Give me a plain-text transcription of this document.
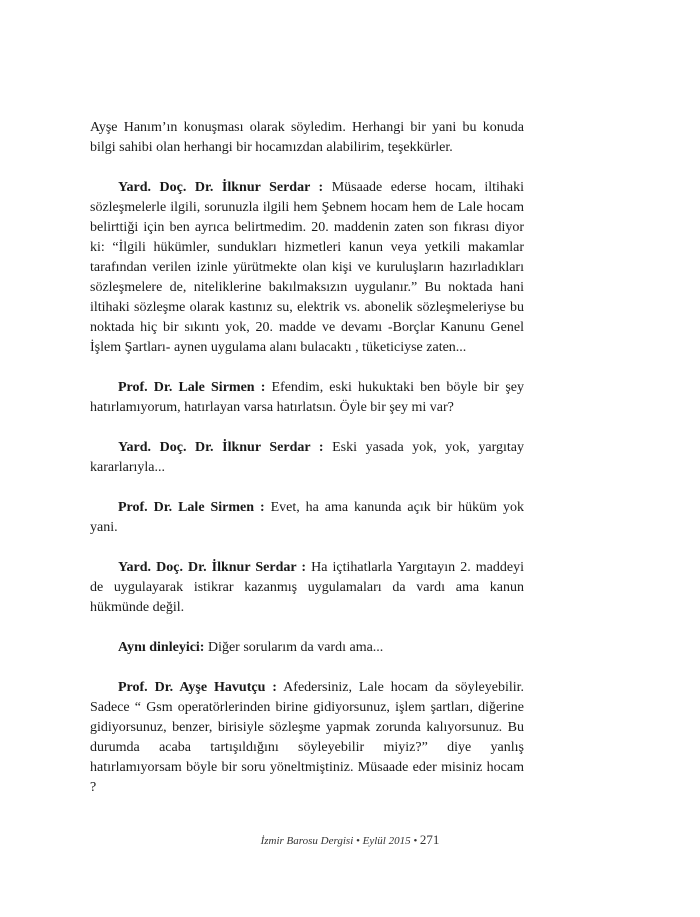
Ayşe Hanım’ın konuşması olarak söyledim. Herhangi bir yani bu konuda bilgi sahibi olan herhangi bir hocamızdan alabilirim, teşekkürler.

Yard. Doç. Dr. İlknur Serdar : Müsaade ederse hocam, iltihaki sözleşmelerle ilgili, sorunuzla ilgili hem Şebnem hocam hem de Lale hocam belirttiği için ben ayrıca belirtmedim. 20. maddenin zaten son fıkrası diyor ki: “İlgili hükümler, sundukları hizmetleri kanun veya yetkili makamlar tarafından verilen izinle yürütmekte olan kişi ve kuruluşların hazırladıkları sözleşmelere de, niteliklerine bakılmaksızın uygulanır.” Bu noktada hani iltihaki sözleşme olarak kastınız su, elektrik vs. abonelik sözleşmeleriyse bu noktada hiç bir sıkıntı yok, 20. madde ve devamı -Borçlar Kanunu Genel İşlem Şartları- aynen uygulama alanı bulacaktı , tüketiciyse zaten...

Prof. Dr. Lale Sirmen : Efendim, eski hukuktaki ben böyle bir şey hatırlamıyorum, hatırlayan varsa hatırlatsın. Öyle bir şey mi var?

Yard. Doç. Dr. İlknur Serdar : Eski yasada yok, yok, yargıtay kararlarıyla...

Prof. Dr. Lale Sirmen : Evet, ha ama kanunda açık bir hüküm yok yani.

Yard. Doç. Dr. İlknur Serdar : Ha içtihatlarla Yargıtayın 2. maddeyi de uygulayarak istikrar kazanmış uygulamaları da vardı ama kanun hükmünde değil.

Aynı dinleyici: Diğer sorularım da vardı ama...

Prof. Dr. Ayşe Havutçu : Afedersiniz, Lale hocam da söyleyebilir. Sadece “ Gsm operatörlerinden birine gidiyorsunuz, işlem şartları, diğerine gidiyorsunuz, benzer, birisiyle sözleşme yapmak zorunda kalıyorsunuz. Bu durumda acaba tartışıldığını söyleyebilir miyiz?” diye yanlış hatırlamıyorsam böyle bir soru yöneltmiştiniz. Müsaade eder misiniz hocam ?

İzmir Barosu Dergisi • Eylül 2015 • 271
